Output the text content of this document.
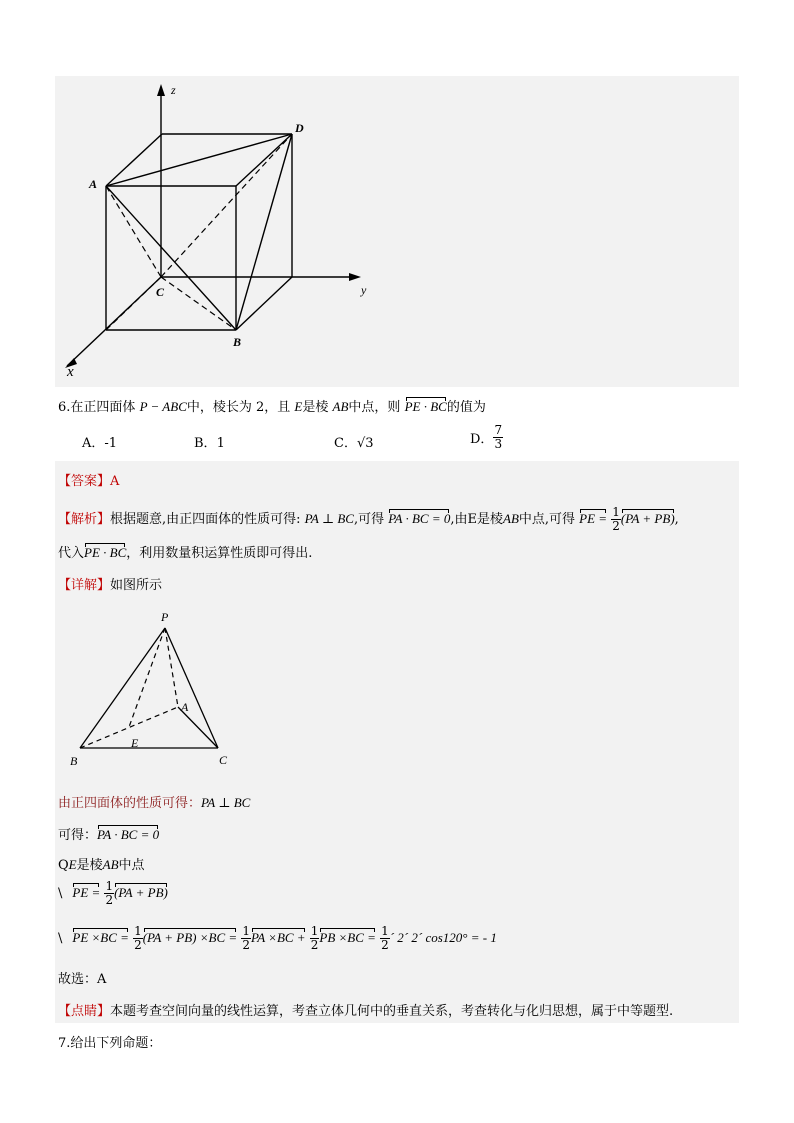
z
y
x
A
D
C
B
6.在正四面体 P − ABC中，棱长为 2，且 E是棱 AB中点，则 PE · BC的值为
A．-1	B．1	C．√3	D． $\frac{7}{3}$
【答案】A
【解析】根据题意,由正四面体的性质可得: PA ⊥ BC,可得 PA · BC = 0,由E是棱AB中点,可得 PE = $\frac{1}{2} (PA + PB)$,
代入PE · BC，利用数量积运算性质即可得出.
【详解】如图所示
P
A
B	C
E
由正四面体的性质可得：PA ⊥ BC
可得：PA · BC = 0
QE是棱AB中点
\ PE = $\frac{1}{2} (PA + PB)$
\ PE $\times BC = \frac{1}{2} (PA + PB) \times BC = \frac{1}{2}$ PA $\times BC + \frac{1}{2}$ PB $\times BC = \frac{1}{2}$ ´ 2´ 2´ cos120° = - 1
故选：A
【点睛】本题考查空间向量的线性运算，考查立体几何中的垂直关系，考查转化与化归思想，属于中等题型.
7.给出下列命题：
